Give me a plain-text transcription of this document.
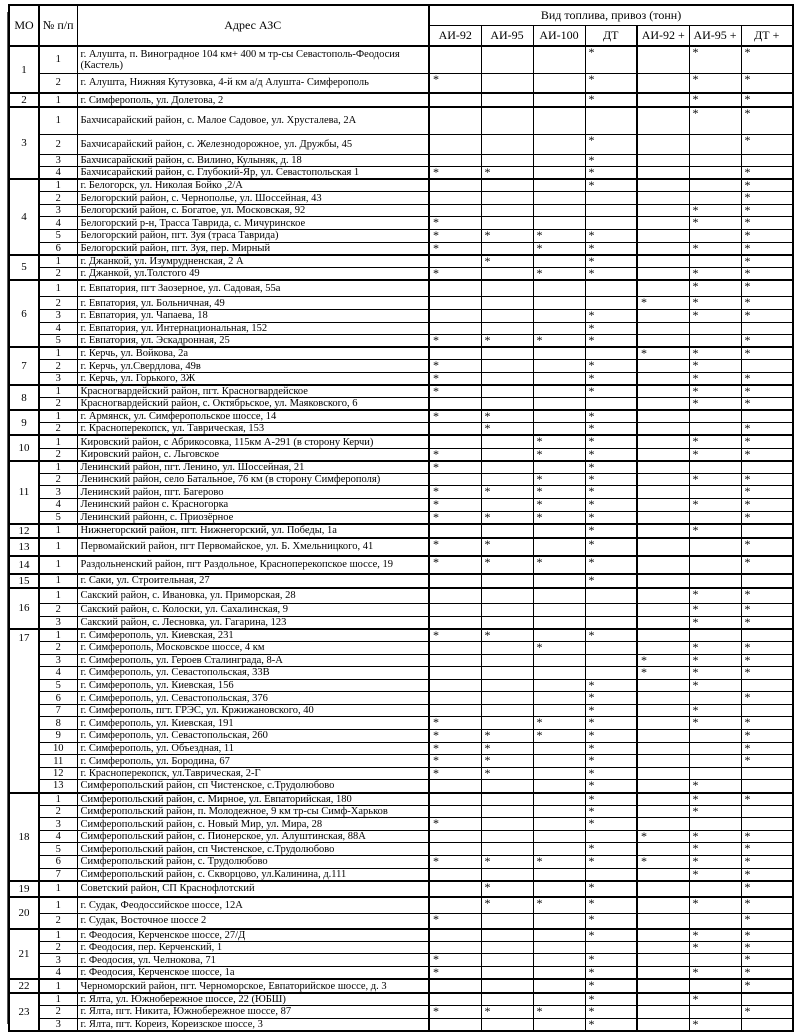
МО	№ п/п	Адрес АЗС	Вид топлива, привоз (тонн)						
			АИ-92	АИ-95	АИ-100	ДТ	АИ-92 +	АИ-95 +	ДТ +
1	1	г. Алушта, п. Виноградное 104 км+ 400 м тр-сы Севастополь-Феодосия (Кастель)				*		*	*
	2	г. Алушта, Нижняя Кутузовка, 4-й км а/д Алушта- Симферополь	*			*		*	*
2	1	г. Симферополь, ул. Долетова, 2				*		*	*
3	1	Бахчисарайский район, с. Малое Садовое, ул. Хрусталева, 2А						*	*
	2	Бахчисарайский район, с. Железнодорожное, ул. Дружбы, 45				*			*
	3	Бахчисарайский район, с. Вилино, Кулыняк, д. 18				*			
	4	Бахчисарайский район, с. Глубокий-Яр, ул. Севастопольская 1	*	*		*			*
4	1	г. Белогорск, ул. Николая Бойко ,2/А				*			*
	2	Белогорский район, с. Чернополье, ул. Шоссейная, 43							*
	3	Белогорский район, с. Богатое, ул. Московская, 92						*	*
	4	Белогорский р-н, Трасса Таврида, с. Мичуринское	*					*	*
	5	Белогорский район, пгт. Зуя (траса Таврида)	*	*	*	*			*
	6	Белогорский район, пгт. Зуя, пер. Мирный	*		*	*		*	*
5	1	г. Джанкой, ул. Изумрудненская, 2 А		*		*			*
	2	г. Джанкой, ул.Толстого 49	*		*	*		*	*
6	1	г. Евпатория, пгт Заозерное, ул. Садовая, 55а						*	*
	2	г. Евпатория, ул. Больничная, 49					*	*	*
	3	г. Евпатория, ул. Чапаева, 18				*		*	*
	4	г. Евпатория, ул. Интернациональная, 152				*			
	5	г. Евпатория, ул. Эскадронная, 25	*	*	*	*			*
7	1	г. Керчь, ул. Войкова, 2а					*	*	*
	2	г. Керчь, ул.Свердлова, 49в	*			*		*	
	3	г. Керчь, ул. Горького, 3Ж	*			*		*	*
8	1	Красногвардейский район, пгт. Красногвардейское	*			*		*	*
	2	Красногвардейский район, с. Октябрьское, ул. Маяковского, 6						*	*
9	1	г. Армянск, ул. Симферопольское шоссе, 14	*	*		*			
	2	г. Красноперекопск, ул. Таврическая, 153		*		*			*
10	1	Кировский район, с Абрикосовка, 115км А-291 (в сторону Керчи)			*	*		*	*
	2	Кировский район, с. Льговское	*		*	*		*	*
11	1	Ленинский район, пгт. Ленино, ул. Шоссейная, 21	*			*			
	2	Ленинский район, село Батальное, 76 км (в сторону Симферополя)			*	*		*	*
	3	Ленинский район, пгт. Багерово	*	*	*	*			*
	4	Ленинский район с. Красногорка	*		*	*		*	*
	5	Ленинский районн, с. Приозёрное	*	*	*	*			*
12	1	Нижнегорский район, пгт. Нижнегорский, ул. Победы, 1а				*		*	
13	1	Первомайский район, пгт Первомайское, ул. Б. Хмельницкого, 41	*	*		*			*
14	1	Раздольненский район, пгт Раздольное, Красноперекопское шоссе, 19	*	*	*	*			*
15	1	г. Саки, ул. Строительная, 27				*			
16	1	Сакский район, с. Ивановка, ул. Приморская, 28						*	*
	2	Сакский район, с. Колоски, ул. Сахалинская, 9						*	*
	3	Сакский район, с. Лесновка, ул. Гагарина, 123						*	*
17	1	г. Симферополь, ул. Киевская, 231	*	*		*			
	2	г. Симферополь, Московское шоссе, 4 км			*			*	*
	3	г. Симферополь, ул. Героев Сталинграда, 8-А					*	*	*
	4	г. Симферополь, ул. Севастопольская, 33В					*	*	*
	5	г. Симферополь, ул. Киевская, 156				*		*	
	6	г. Симферополь, ул. Севастопольская, 376				*			*
	7	г. Симферополь, пгт. ГРЭС, ул. Кржижановского, 40				*		*	
	8	г. Симферополь, ул. Киевская, 191	*		*	*		*	*
	9	г. Симферополь, ул. Севастопольская, 260	*	*	*	*			*
	10	г. Симферополь, ул. Объездная, 11	*	*		*			*
	11	г. Симферополь, ул. Бородина, 67	*	*		*			*
	12	г. Красноперекопск, ул.Таврическая, 2-Г	*	*		*			
	13	Симферопольский район, сп Чистенское, с.Трудолюбово				*		*	
18	1	Симферопольский район, с. Мирное, ул. Евпаторийская, 180				*		*	*
	2	Симферопольский район, п. Молодежное, 9 км тр-сы Симф-Харьков				*		*	
	3	Симферопольский район, с. Новый Мир, ул. Мира, 28	*			*			
	4	Симферопольский район, с. Пионерское, ул. Алуштинская, 88А					*	*	*
	5	Симферопольский район, сп Чистенское, с.Трудолюбово				*		*	*
	6	Симферопольский район, с. Трудолюбово	*	*	*	*	*	*	*
	7	Симферопольский район, с. Скворцово, ул.Калинина, д.111						*	*
19	1	Советский район, СП Краснофлотский		*		*			*
20	1	г. Судак, Феодоссийское шоссе, 12А		*	*	*		*	*
	2	г. Судак, Восточное шоссе 2	*			*			*
21	1	г. Феодосия, Керченское шоссе, 27/Д				*		*	*
	2	г. Феодосия, пер. Керченский, 1						*	*
	3	г. Феодосия, ул. Челнокова, 71	*			*			*
	4	г. Феодосия, Керченское шоссе, 1а	*			*		*	*
22	1	Черноморский район, пгт. Черноморское, Евпаторийское шоссе, д. 3				*			*
23	1	г. Ялта, ул. Южнобережное шоссе, 22 (ЮБШ)				*		*	
	2	г. Ялта, пгт. Никита, Южнобережное шоссе, 87	*	*	*	*			*
	3	г. Ялта, пгт. Кореиз, Кореизское шоссе, 3				*		*	
